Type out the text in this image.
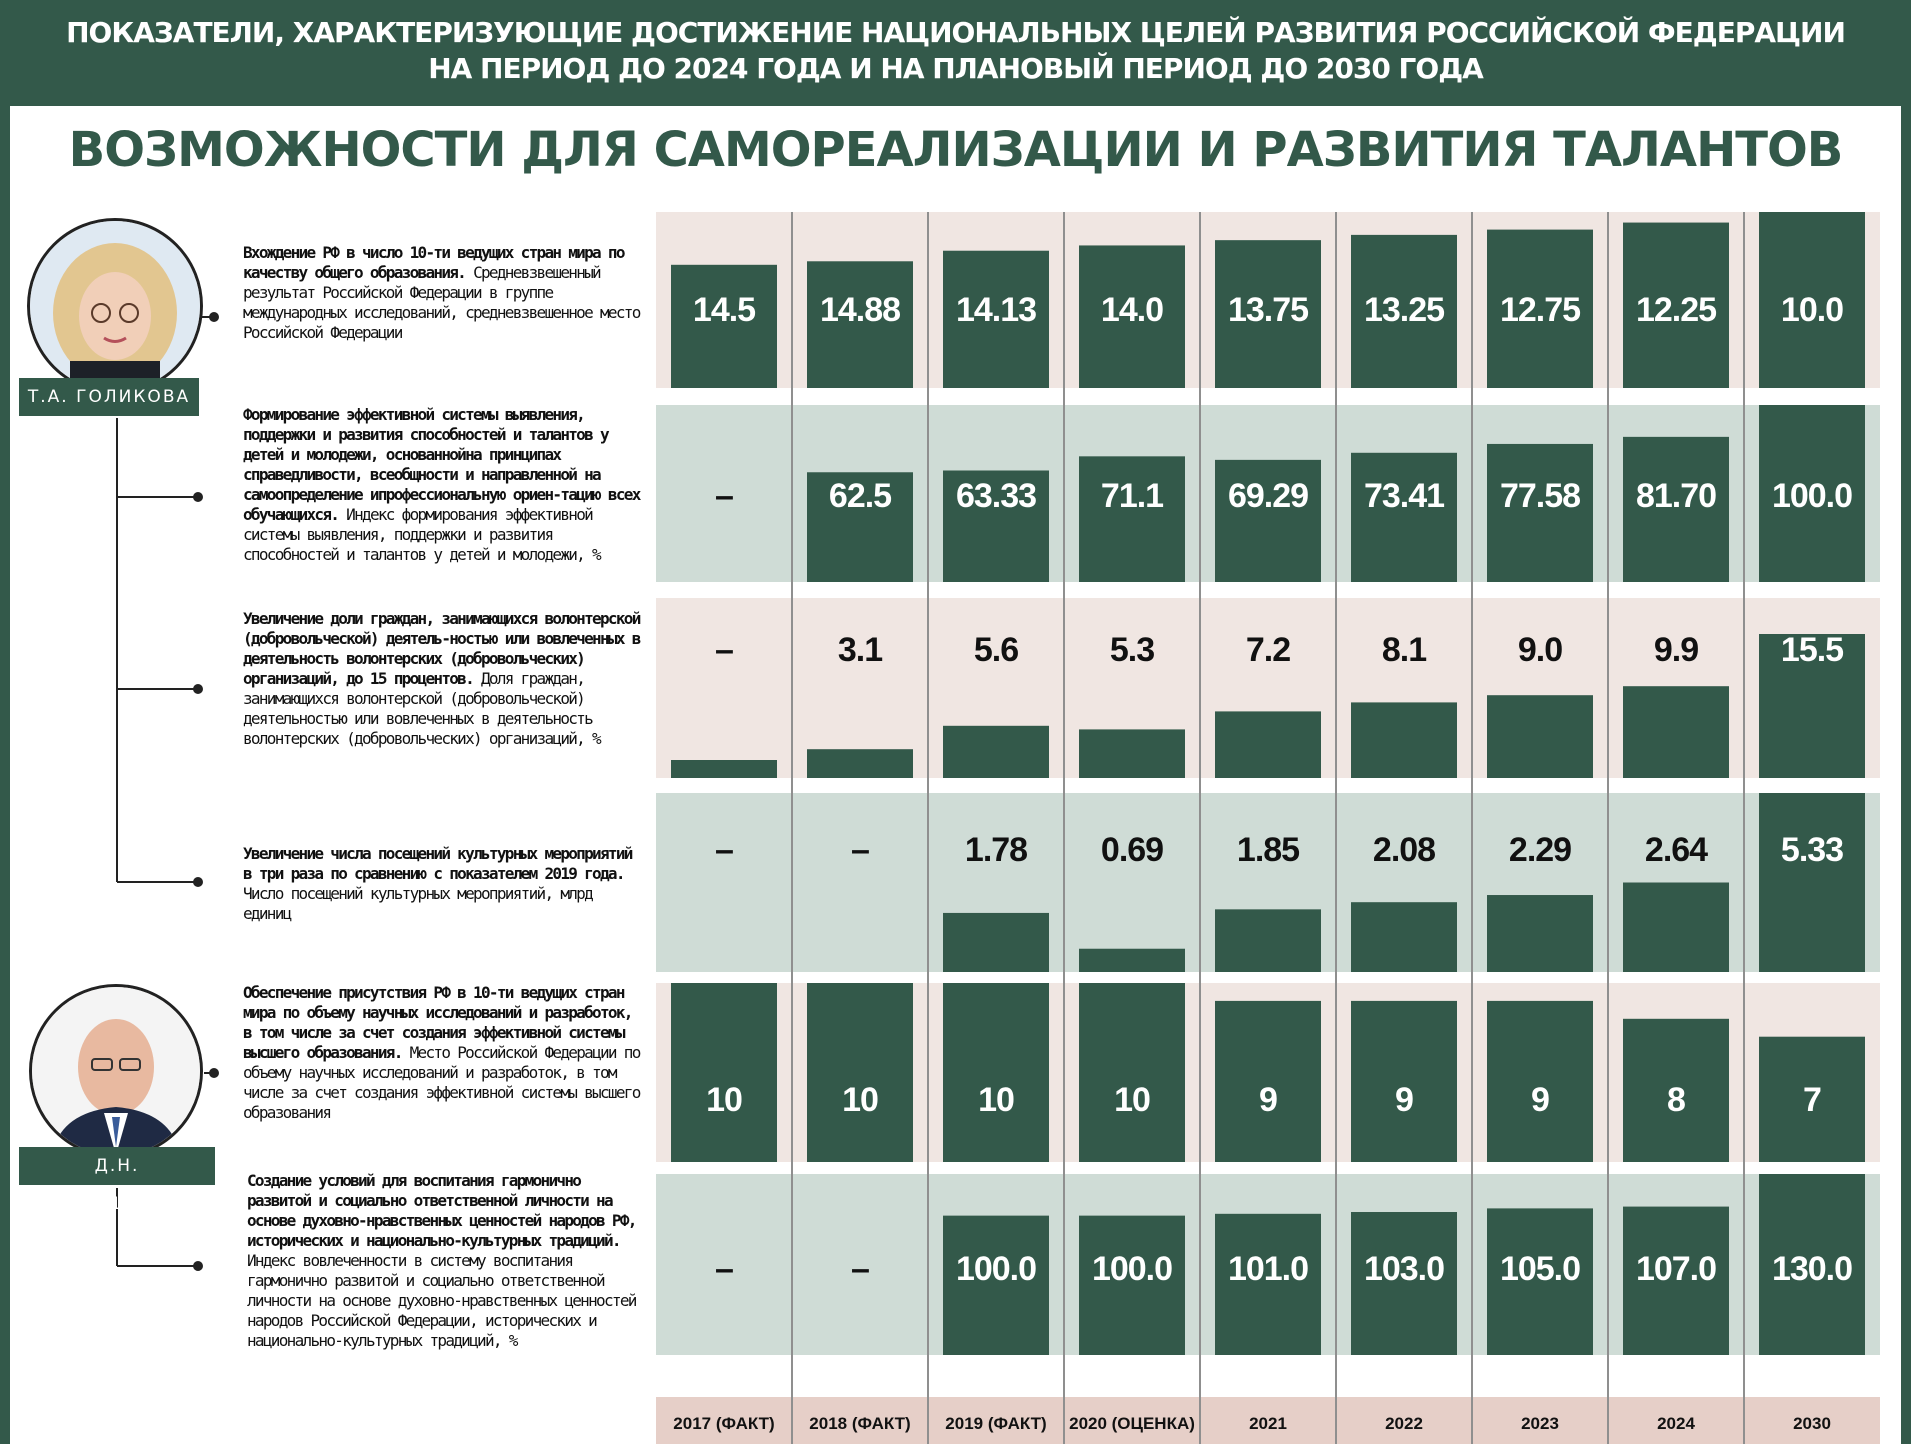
ПОКАЗАТЕЛИ, ХАРАКТЕРИЗУЮЩИЕ ДОСТИЖЕНИЕ НАЦИОНАЛЬНЫХ ЦЕЛЕЙ РАЗВИТИЯ РОССИЙСКОЙ ФЕДЕРАЦИИ
НА ПЕРИОД ДО 2024 ГОДА И НА ПЛАНОВЫЙ ПЕРИОД ДО 2030 ГОДА
ВОЗМОЖНОСТИ ДЛЯ САМОРЕАЛИЗАЦИИ И РАЗВИТИЯ ТАЛАНТОВ
14.5 14.88 14.13 14.0 13.75 13.25 12.75 12.25 10.0
–	62.5 63.33 71.1 69.29 73.41 77.58 81.70 100.0
–	3.1	5.6	5.3	7.2	8.1	9.0	9.9 15.5
–	–	1.78 0.69 1.85 2.08 2.29 2.64 5.33
10	10	10	10	9	9	9	8	7
–	–	100.0 100.0 101.0 103.0 105.0 107.0 130.0
2017 (ФАКТ) 2018 (ФАКТ) 2019 (ФАКТ) 2020 (ОЦЕНКА)	2021	2022	2023	2024	2030
Вхождение РФ в число 10-ти ведущих стран мира по качеству общего образования. Средневзвешенный результат Российской Федерации в группе международных исследований, средневзвешенное место Российской Федерации
Формирование эффективной системы выявления, поддержки и развития способностей и талантов у детей и молодежи, основаннойна принципах справедливости, всеобщности и направленной на самоопределение ипрофессиональную ориен-тацию всех обучающихся. Индекс формирования эффективной системы выявления, поддержки и развития способностей и талантов у детей и молодежи, %
Увеличение доли граждан, занимающихся волонтерской (добровольческой) деятель-ностью или вовлеченных в деятельность волонтерских (добровольческих) организаций, до 15 процентов. Доля граждан, занимающихся волонтерской (добровольческой) деятельностью или вовлеченных в деятельность волонтерских (добровольческих) организаций, %
Увеличение числа посещений культурных мероприятий в три раза по сравнению с показателем 2019 года. Число посещений культурных мероприятий, млрд единиц
Обеспечение присутствия РФ в 10-ти ведущих стран мира по объему научных исследований и разработок, в том числе за счет создания эффективной системы высшего образования. Место Российской Федерации по объему научных исследований и разработок, в том числе за счет создания эффективной системы высшего образования
Создание условий для воспитания гармонично развитой и социально ответственной личности на основе духовно-нравственных ценностей народов РФ, исторических и национально-культурных традиций. Индекс вовлеченности в систему воспитания гармонично развитой и социально ответственной личности на основе духовно-нравственных ценностей народов Российской Федерации, исторических и национально-культурных традиций, %
Т.А. ГОЛИКОВА
Д.Н. ЧЕРНЫШЕНКО
